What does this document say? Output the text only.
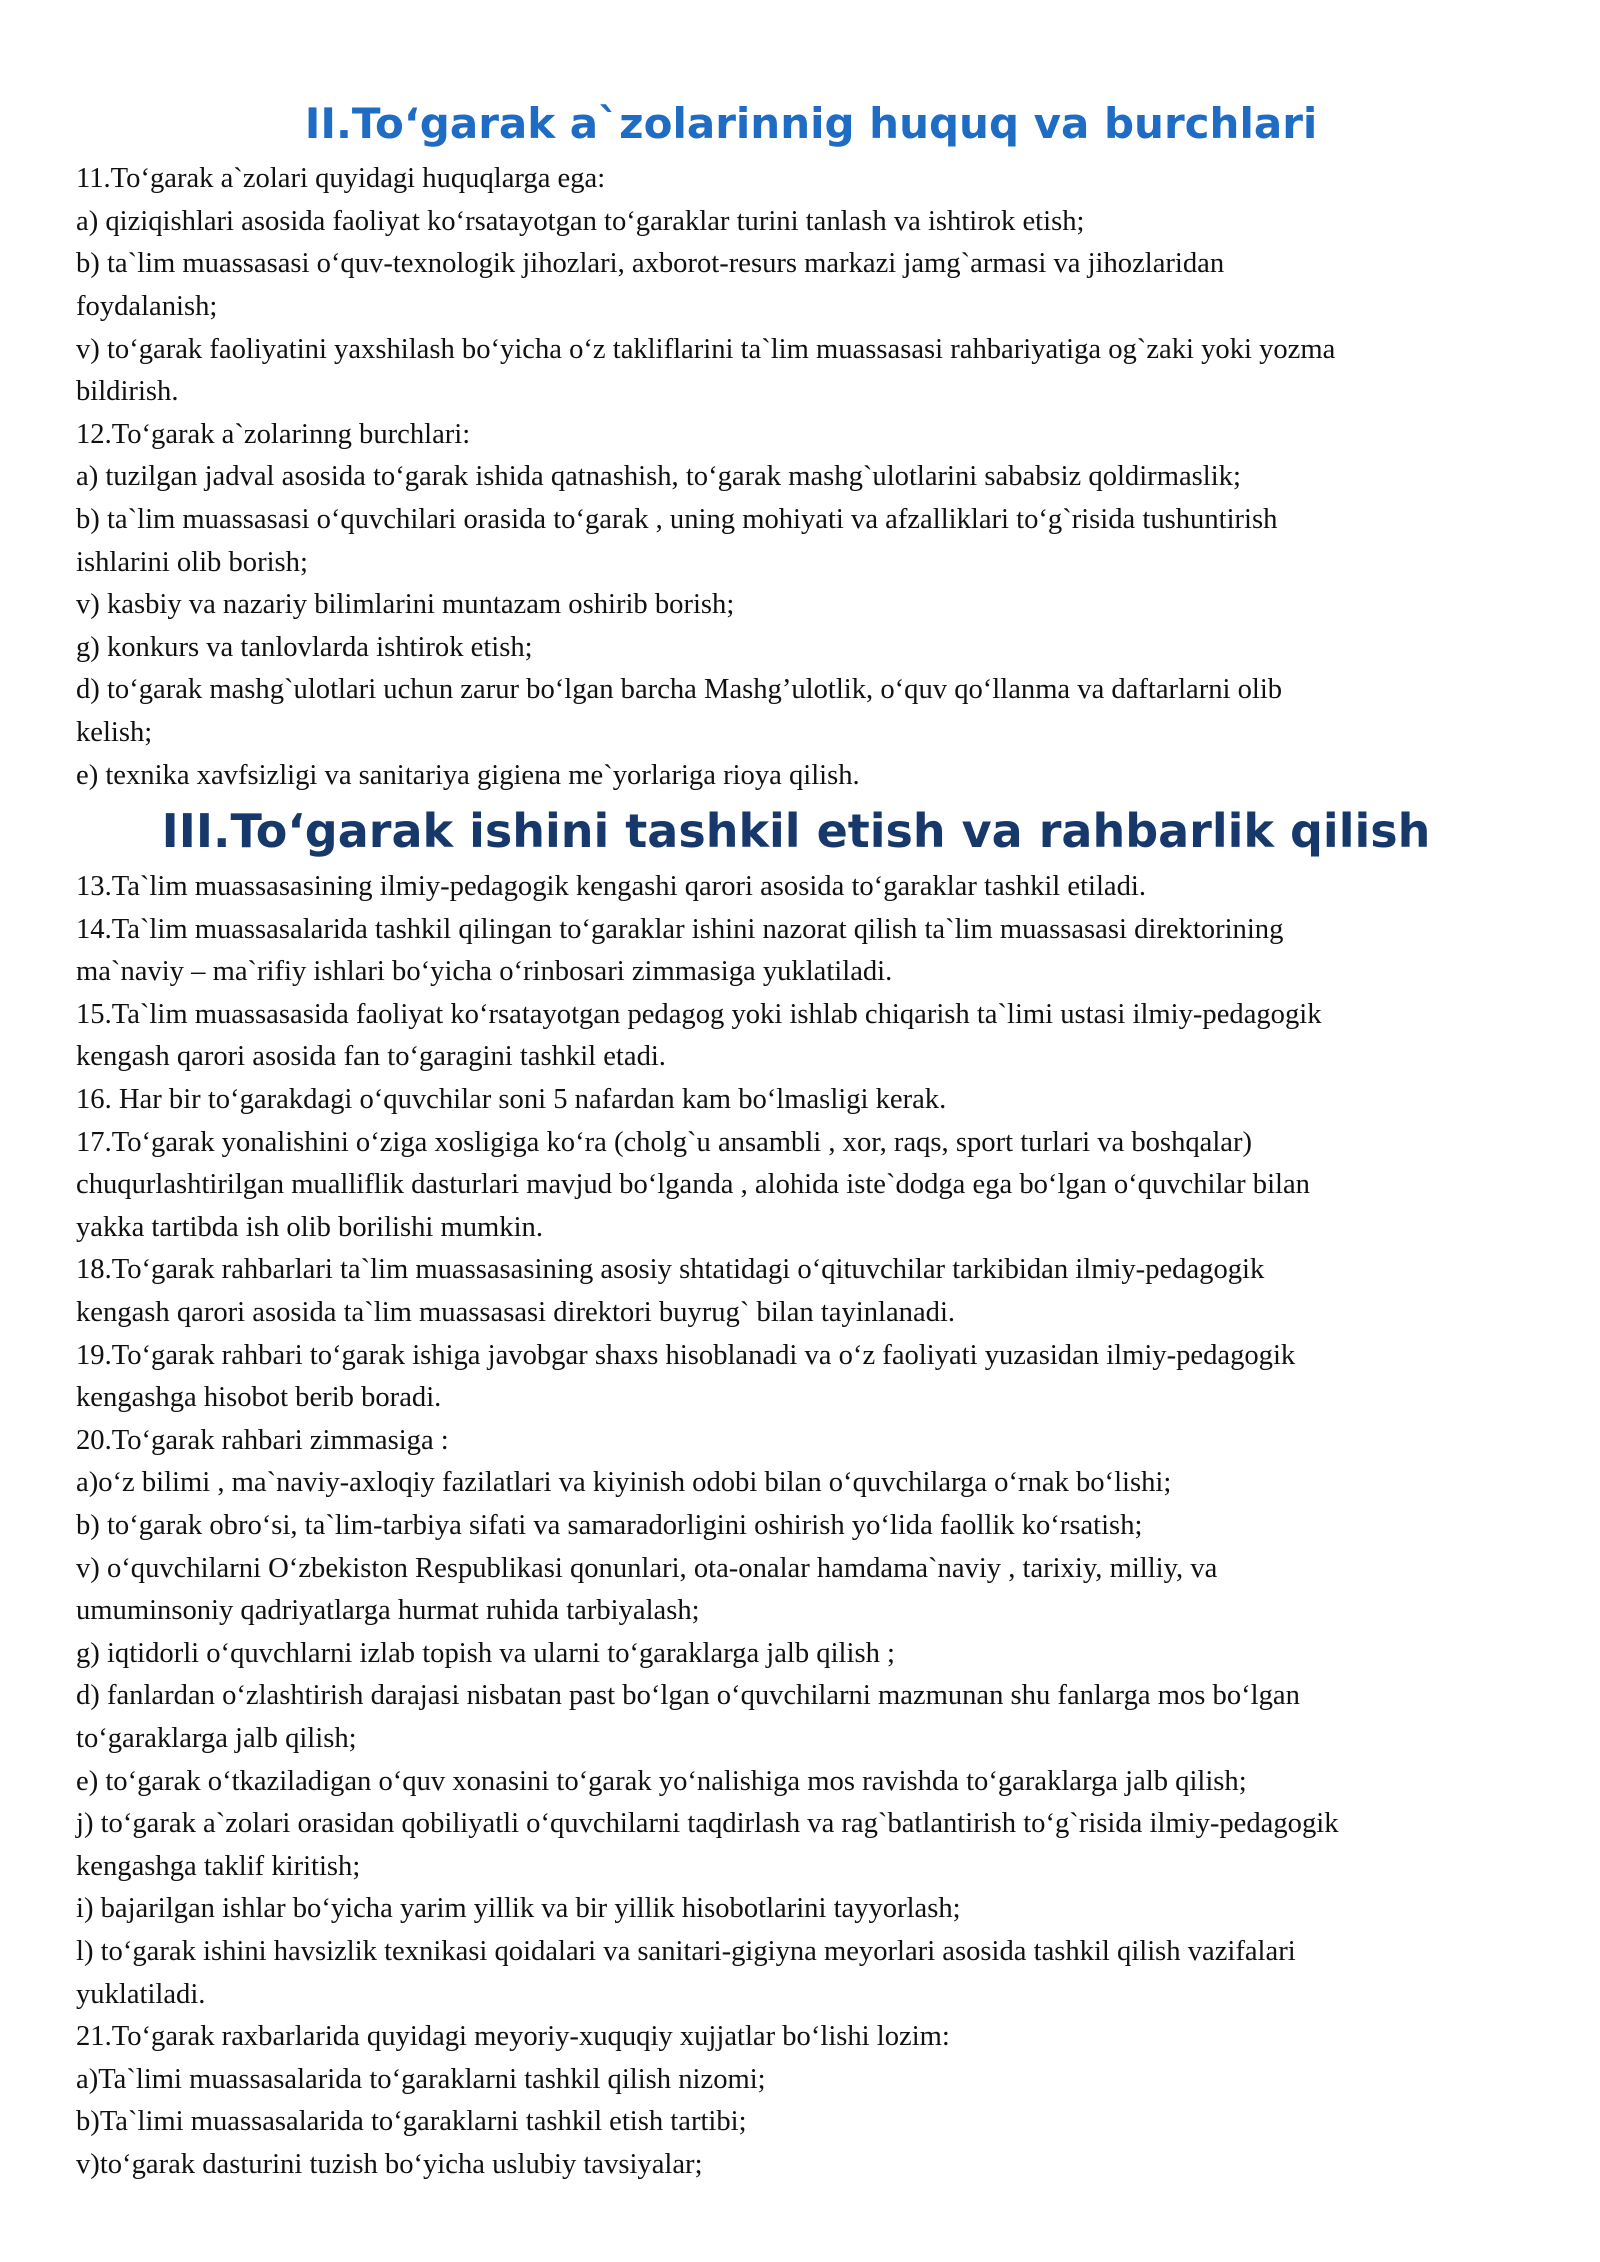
II.To‘garak a`zolarinnig huquq va burchlari

11.To‘garak a`zolari quyidagi huquqlarga ega:

a) qiziqishlari asosida faoliyat ko‘rsatayotgan to‘garaklar turini tanlash va ishtirok etish;

b) ta`lim muassasasi o‘quv-texnologik jihozlari, axborot-resurs markazi jamg`armasi va jihozlaridan

foydalanish;

v) to‘garak faoliyatini yaxshilash bo‘yicha o‘z takliflarini ta`lim muassasasi rahbariyatiga og`zaki yoki yozma

bildirish.

12.To‘garak a`zolarinng burchlari:

a) tuzilgan jadval asosida to‘garak ishida qatnashish, to‘garak mashg`ulotlarini sababsiz qoldirmaslik;

b) ta`lim muassasasi o‘quvchilari orasida to‘garak , uning mohiyati va afzalliklari to‘g`risida tushuntirish

ishlarini olib borish;

v) kasbiy va nazariy bilimlarini muntazam oshirib borish;

g) konkurs va tanlovlarda ishtirok etish;

d) to‘garak mashg`ulotlari uchun zarur bo‘lgan barcha Mashg’ulotlik, o‘quv qo‘llanma va daftarlarni olib

kelish;

e) texnika xavfsizligi va sanitariya gigiena me`yorlariga rioya qilish.

III.To‘garak ishini tashkil etish va rahbarlik qilish

13.Ta`lim muassasasining ilmiy-pedagogik kengashi qarori asosida to‘garaklar tashkil etiladi.

14.Ta`lim muassasalarida tashkil qilingan to‘garaklar ishini nazorat qilish ta`lim muassasasi direktorining

ma`naviy – ma`rifiy ishlari bo‘yicha o‘rinbosari zimmasiga yuklatiladi.

15.Ta`lim muassasasida faoliyat ko‘rsatayotgan pedagog yoki ishlab chiqarish ta`limi ustasi ilmiy-pedagogik

kengash qarori asosida fan to‘garagini tashkil etadi.

16. Har bir to‘garakdagi o‘quvchilar soni 5 nafardan kam bo‘lmasligi kerak.

17.To‘garak yonalishini o‘ziga xosligiga ko‘ra (cholg`u ansambli , xor, raqs, sport turlari va boshqalar)

chuqurlashtirilgan mualliflik dasturlari mavjud bo‘lganda , alohida iste`dodga ega bo‘lgan o‘quvchilar bilan

yakka tartibda ish olib borilishi mumkin.

18.To‘garak rahbarlari ta`lim muassasasining asosiy shtatidagi o‘qituvchilar tarkibidan ilmiy-pedagogik

kengash qarori asosida ta`lim muassasasi direktori buyrug` bilan tayinlanadi.

19.To‘garak rahbari to‘garak ishiga javobgar shaxs hisoblanadi va o‘z faoliyati yuzasidan ilmiy-pedagogik

kengashga hisobot berib boradi.

20.To‘garak rahbari zimmasiga :

a)o‘z bilimi , ma`naviy-axloqiy fazilatlari va kiyinish odobi bilan o‘quvchilarga o‘rnak bo‘lishi;

b) to‘garak obro‘si, ta`lim-tarbiya sifati va samaradorligini oshirish yo‘lida faollik ko‘rsatish;

v) o‘quvchilarni O‘zbekiston Respublikasi qonunlari, ota-onalar hamdama`naviy , tarixiy, milliy, va

umuminsoniy qadriyatlarga hurmat ruhida tarbiyalash;

g) iqtidorli o‘quvchlarni izlab topish va ularni to‘garaklarga jalb qilish ;

d) fanlardan o‘zlashtirish darajasi nisbatan past bo‘lgan o‘quvchilarni mazmunan shu fanlarga mos bo‘lgan

to‘garaklarga jalb qilish;

e) to‘garak o‘tkaziladigan o‘quv xonasini to‘garak yo‘nalishiga mos ravishda to‘garaklarga jalb qilish;

j) to‘garak a`zolari orasidan qobiliyatli o‘quvchilarni taqdirlash va rag`batlantirish to‘g`risida ilmiy-pedagogik

kengashga taklif kiritish;

i) bajarilgan ishlar bo‘yicha yarim yillik va bir yillik hisobotlarini tayyorlash;

l) to‘garak ishini havsizlik texnikasi qoidalari va sanitari-gigiyna meyorlari asosida tashkil qilish vazifalari

yuklatiladi.

21.To‘garak raxbarlarida quyidagi meyoriy-xuquqiy xujjatlar bo‘lishi lozim:

a)Ta`limi muassasalarida to‘garaklarni tashkil qilish nizomi;

b)Ta`limi muassasalarida to‘garaklarni tashkil etish tartibi;

v)to‘garak dasturini tuzish bo‘yicha uslubiy tavsiyalar;
